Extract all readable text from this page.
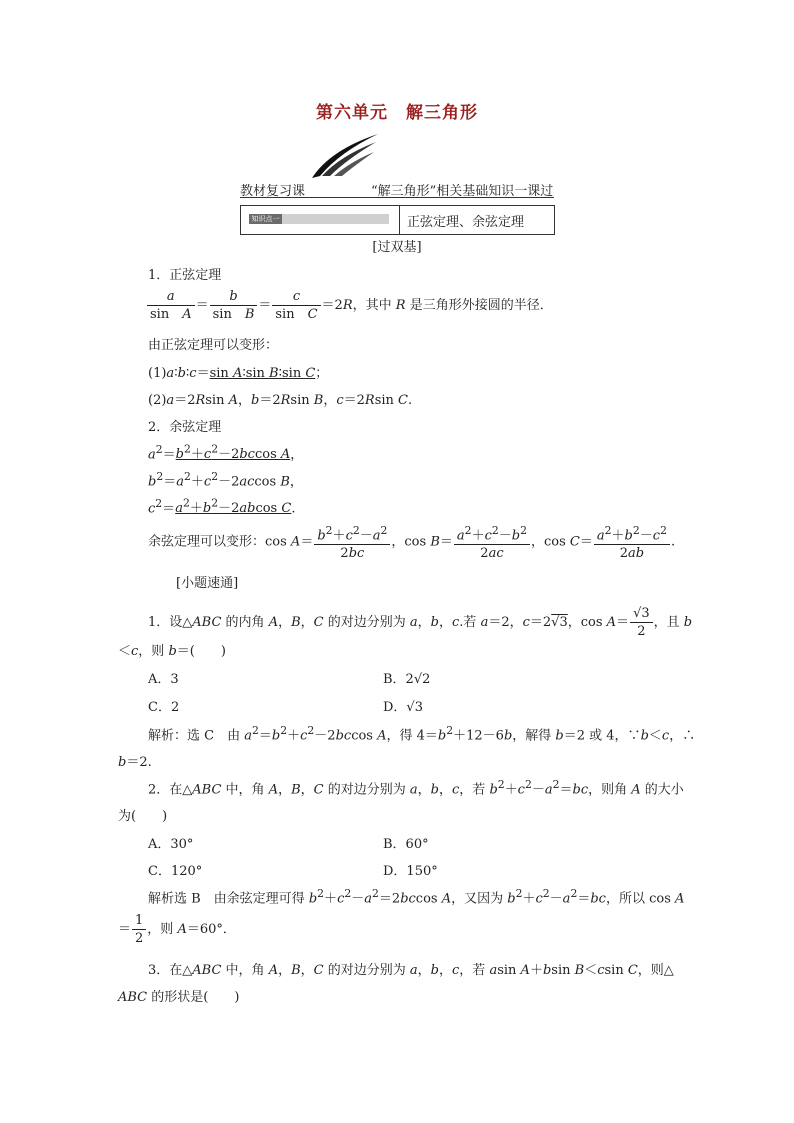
第六单元　解三角形
教材复习课	“解三角形”相关基础知识一课过
知识点一	正弦定理、余弦定理
[过双基]
1．正弦定理
$\frac{a}{\text{sin　A}} = \frac{b}{\text{sin　B}} = \frac{c}{\text{sin　C}} =2R$，其中 R 是三角形外接圆的半径．
由正弦定理可以变形：
(1)a∶b∶c＝sin A∶sin B∶sin C；
(2)a＝2Rsin A，b＝2Rsin B，c＝2Rsin C.
2．余弦定理
$a^2=b^2+c^2-2bccos$ A，
$b^2=a^2+c^2-2accos$ B，
$c^2=a^2+b^2-2abcos$ C.
余弦定理可以变形：$\cos A= \frac{b^2+c^2-a^2}{2bc}$ ，$\cos B= \frac{a^2+c^2-b^2}{2ac}$ ，$\cos C= \frac{a^2+b^2-c^2}{2ab}$ .
[小题速通]
1．设△ABC 的内角 A，B，C 的对边分别为 a，b，c.若 a＝2，c＝2√3，$\cos A= \frac{√3}{2}$ ，且 b
＜c，则 b＝(　　)
A．3	B．2√2
C．2	D．√3
解析：选 C　由 $a^2=b^2+c^2-2bccos$ A，得 $4=b^2+12-6b$，解得 b＝2 或 4，∵b＜c，∴
b＝2.
2．在△ABC 中，角 A，B，C 的对边分别为 a，b，c，若 $b^2+c^2-a^2=bc$，则角 A 的大小
为(　　)
A．30°	B．60°
C．120°	D．150°
解析选 B　由余弦定理可得 $b^2+c^2-a^2=2bccos$ A，又因为 $b^2+c^2-a^2=bc$，所以 cos A
＝ $\frac{1}{2}$ ，则 A＝60°．
3．在△ABC 中，角 A，B，C 的对边分别为 a，b，c，若 asin A＋bsin B＜csin C，则△
ABC 的形状是(　　)
